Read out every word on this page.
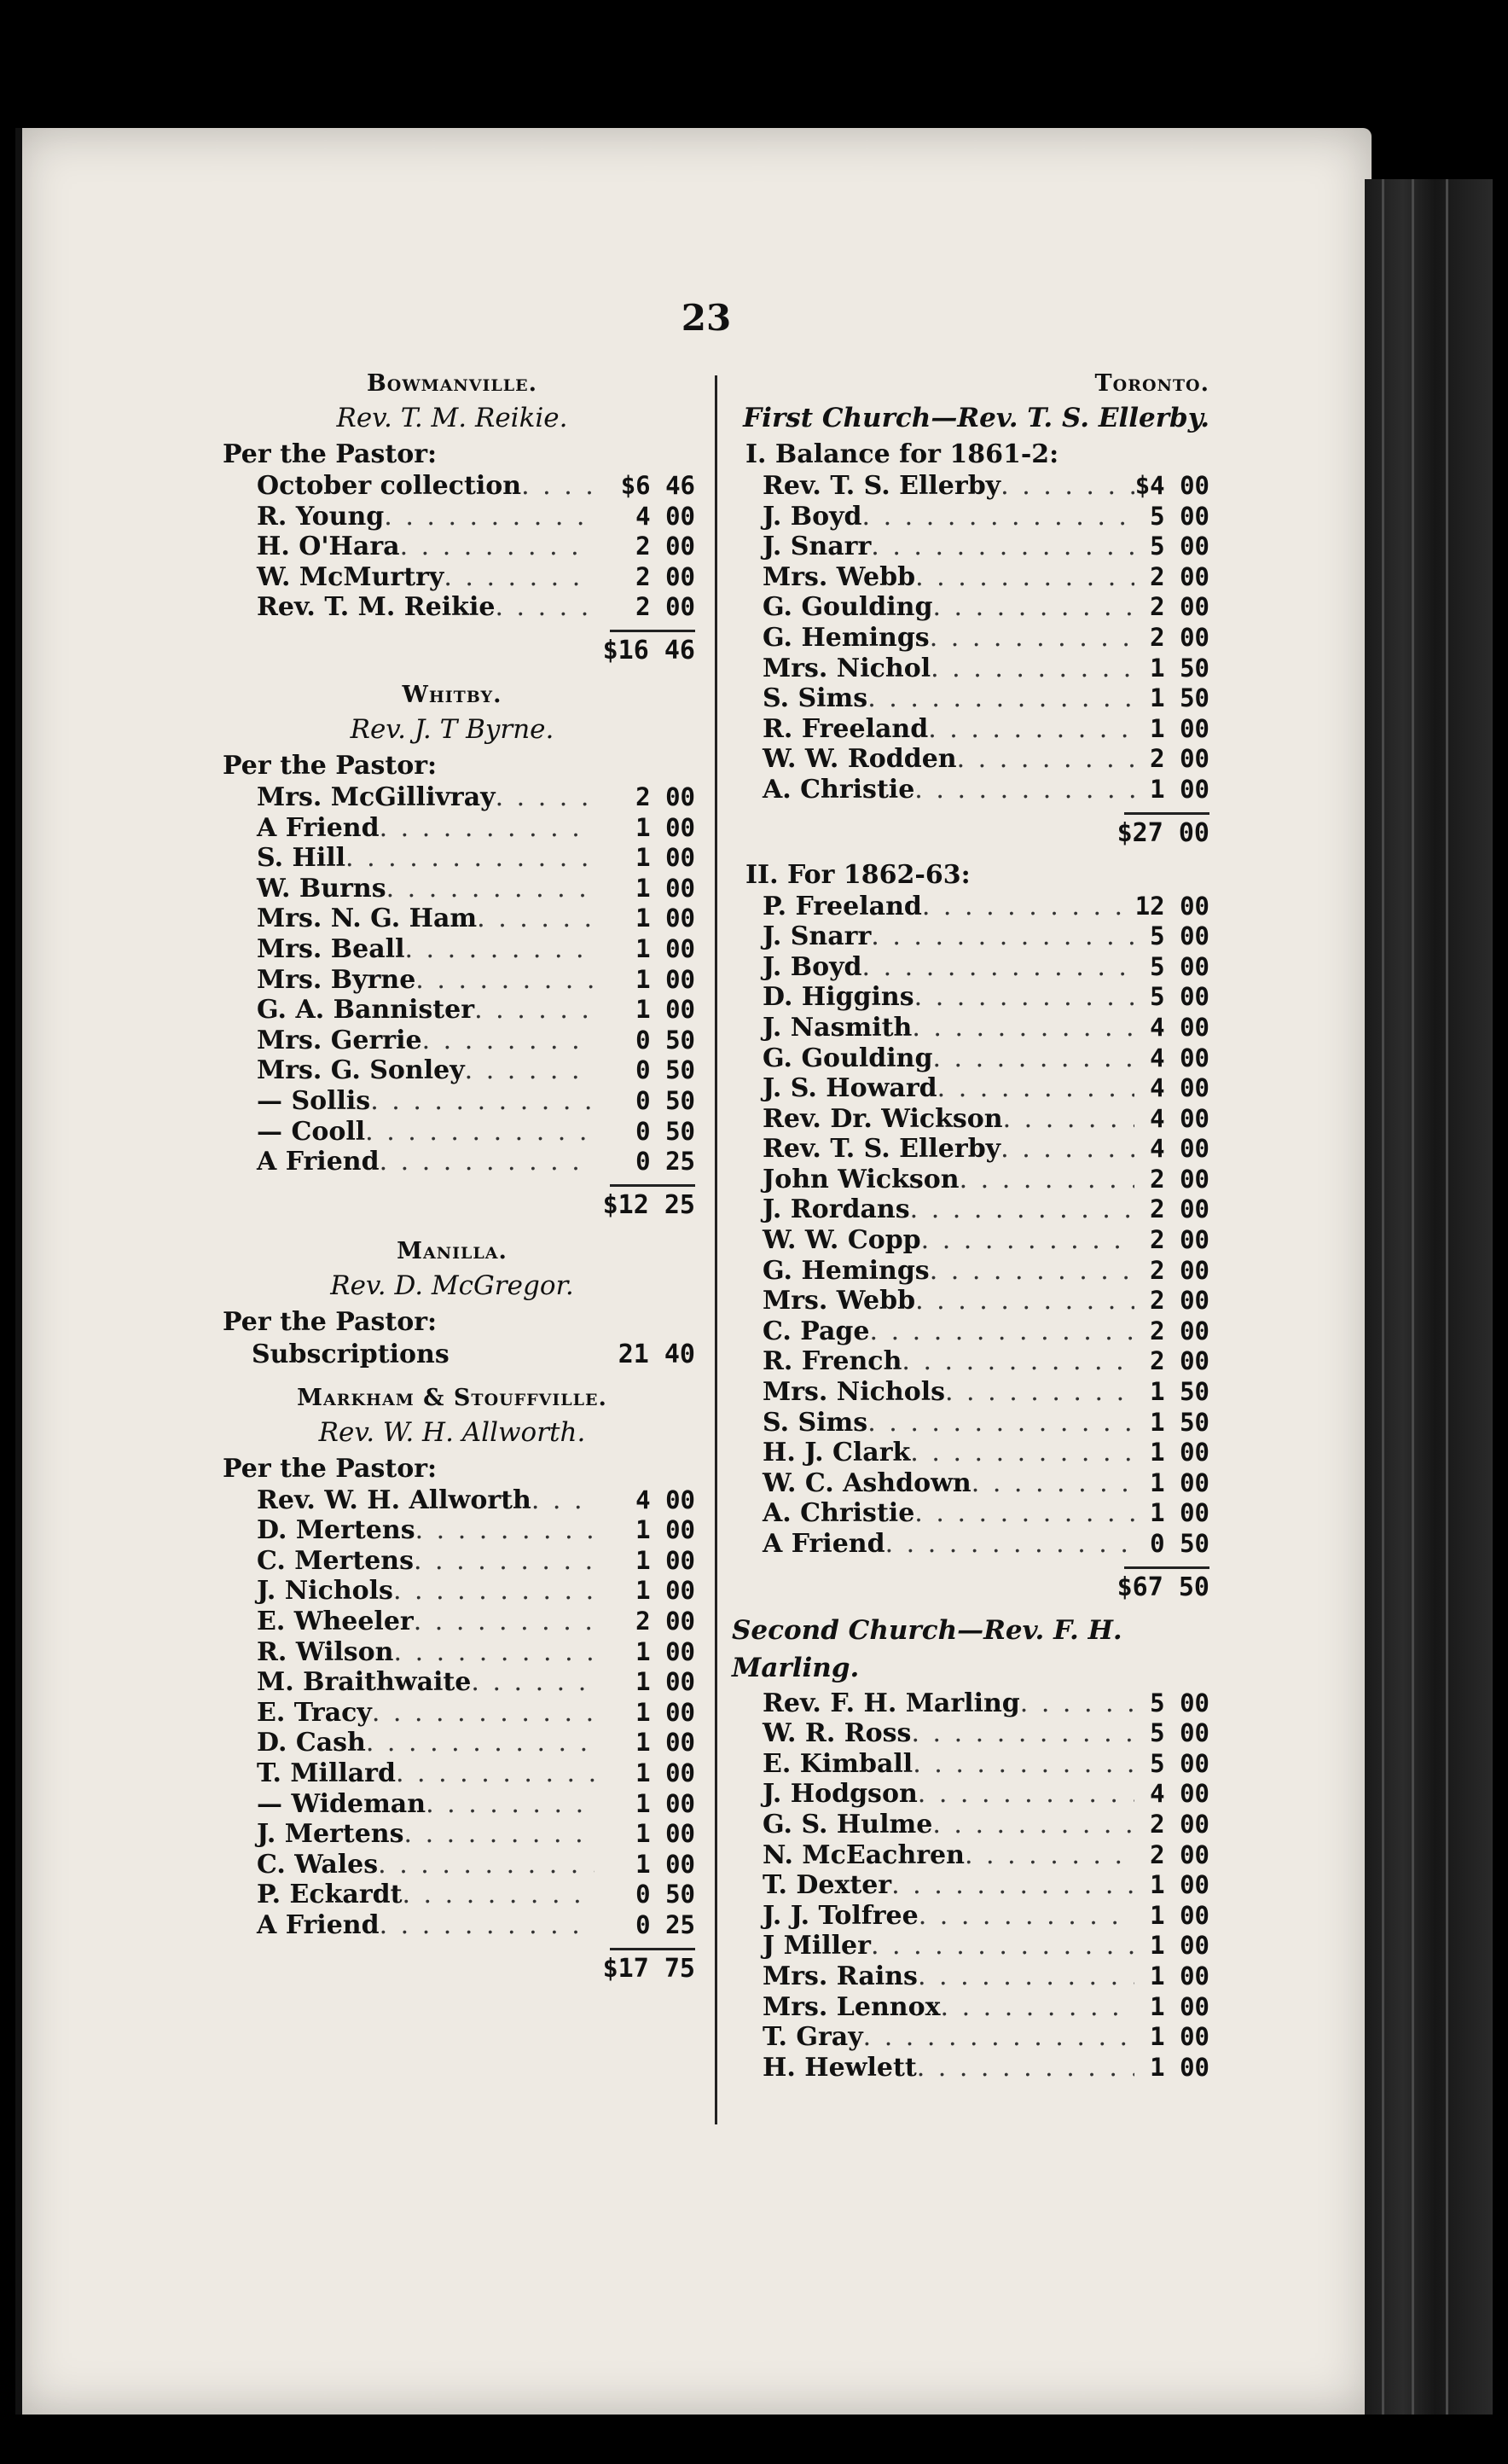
23
Bowmanville.
Rev. T. M. Reikie.
Per the Pastor:
October collection . . .	$6 46
R. Young . . .	4 00
H. O'Hara . . .	2 00
W. McMurtry . . .	2 00
Rev. T. M. Reikie . . .	2 00
$16 46
Whitby.
Rev. J. T Byrne.
Per the Pastor:
Mrs. McGillivray . . .	2 00
A Friend . . .	1 00
S. Hill . . .	1 00
W. Burns . . .	1 00
Mrs. N. G. Ham . . .	1 00
Mrs. Beall . . .	1 00
Mrs. Byrne . . .	1 00
G. A. Bannister . . .	1 00
Mrs. Gerrie . . .	0 50
Mrs. G. Sonley . . .	0 50
— Sollis . . .	0 50
— Cooll . . .	0 50
A Friend . . .	0 25
$12 25
Manilla.
Rev. D. McGregor.
Per the Pastor:
Subscriptions	21 40
Markham & Stouffville.
Rev. W. H. Allworth.
Per the Pastor:
Rev. W. H. Allworth . . .	4 00
D. Mertens . . .	1 00
C. Mertens . . .	1 00
J. Nichols . . .	1 00
E. Wheeler . . .	2 00
R. Wilson . . .	1 00
M. Braithwaite . . .	1 00
E. Tracy . . .	1 00
D. Cash . . .	1 00
T. Millard . . .	1 00
— Wideman . . .	1 00
J. Mertens . . .	1 00
C. Wales . . .	1 00
P. Eckardt . . .	0 50
A Friend . . .	0 25
$17 75
Toronto.
First Church—Rev. T. S. Ellerby.
I. Balance for 1861-2:
Rev. T. S. Ellerby . . .	$4 00
J. Boyd . . .	5 00
J. Snarr . . .	5 00
Mrs. Webb . . .	2 00
G. Goulding . . .	2 00
G. Hemings . . .	2 00
Mrs. Nichol . . .	1 50
S. Sims . . .	1 50
R. Freeland . . .	1 00
W. W. Rodden . . .	2 00
A. Christie . . .	1 00
$27 00
II. For 1862-63:
P. Freeland . . .	12 00
J. Snarr . . .	5 00
J. Boyd . . .	5 00
D. Higgins . . .	5 00
J. Nasmith . . .	4 00
G. Goulding . . .	4 00
J. S. Howard . . .	4 00
Rev. Dr. Wickson . . .	4 00
Rev. T. S. Ellerby . . .	4 00
John Wickson . . .	2 00
J. Rordans . . .	2 00
W. W. Copp . . .	2 00
G. Hemings . . .	2 00
Mrs. Webb . . .	2 00
C. Page . . .	2 00
R. French . . .	2 00
Mrs. Nichols . . .	1 50
S. Sims . . .	1 50
H. J. Clark . . .	1 00
W. C. Ashdown . . .	1 00
A. Christie . . .	1 00
A Friend . . .	0 50
$67 50
Second Church—Rev. F. H. Marling.
Rev. F. H. Marling . . .	5 00
W. R. Ross . . .	5 00
E. Kimball . . .	5 00
J. Hodgson . . .	4 00
G. S. Hulme . . .	2 00
N. McEachren . . .	2 00
T. Dexter . . .	1 00
J. J. Tolfree . . .	1 00
J Miller . . .	1 00
Mrs. Rains . . .	1 00
Mrs. Lennox . . .	1 00
T. Gray . . .	1 00
H. Hewlett . . .	1 00
